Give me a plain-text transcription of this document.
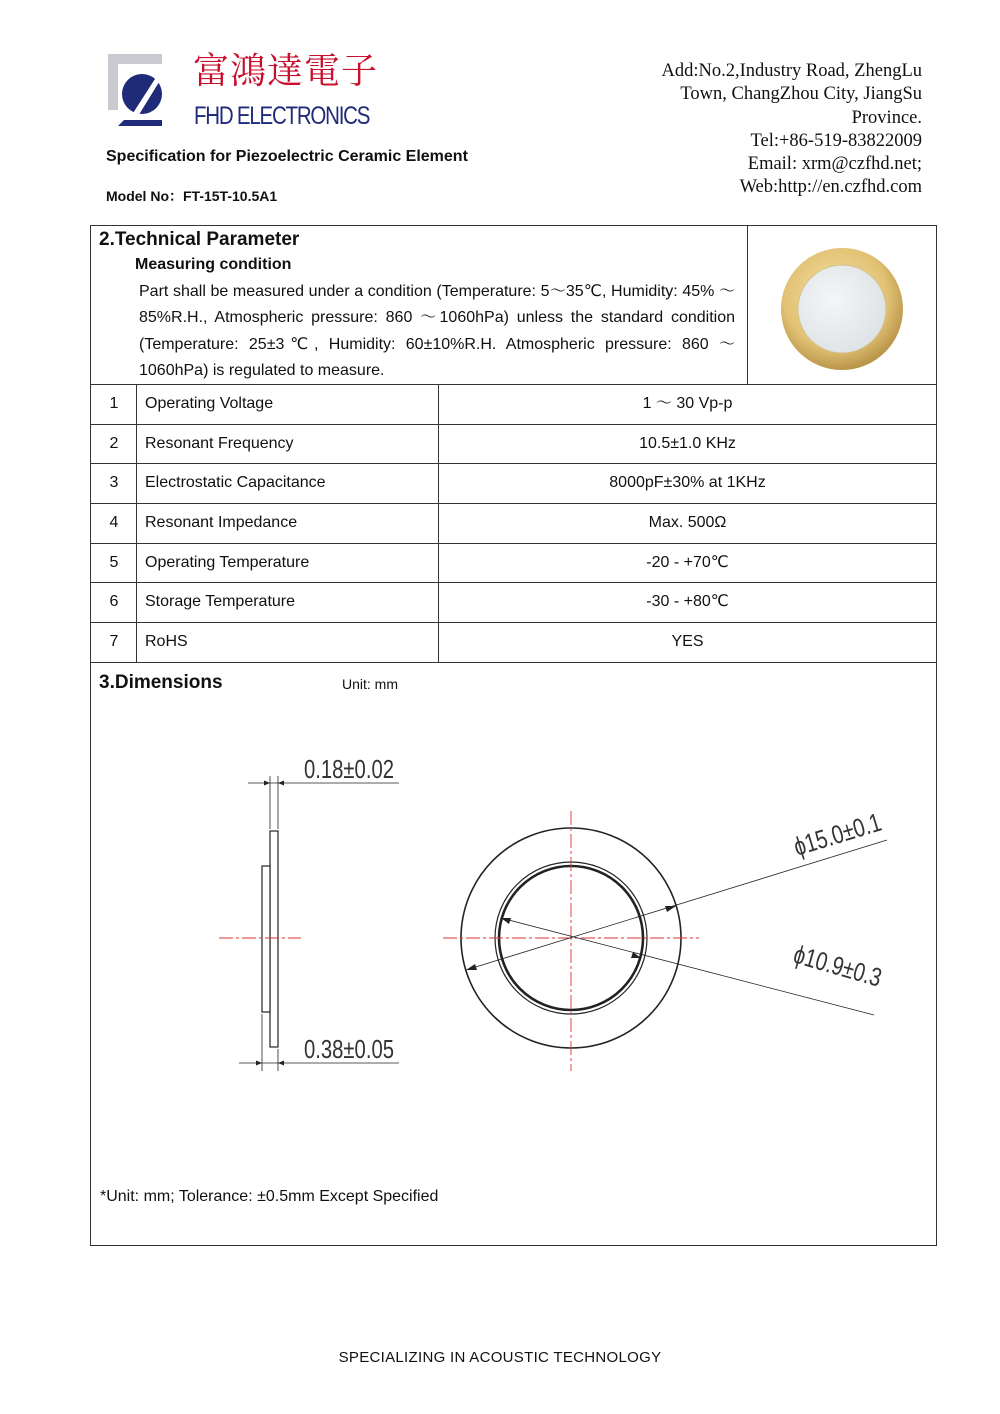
富鴻達電子
FHD ELECTRONICS
Specification for Piezoelectric Ceramic Element
Model No：FT-15T-10.5A1
Add:No.2,Industry Road, ZhengLu
Town, ChangZhou City, JiangSu
Province.
Tel:+86-519-83822009
Email: xrm@czfhd.net;
Web:http://en.czfhd.com
2.Technical Parameter
Measuring condition
Part shall be measured under a condition (Temperature: 5～35℃, Humidity: 45% ～ 85%R.H., Atmospheric pressure: 860 ～1060hPa) unless the standard condition (Temperature: 25±3℃, Humidity: 60±10%R.H. Atmospheric pressure: 860 ～1060hPa) is regulated to measure.
1	Operating Voltage	1 ～ 30 Vp-p
2	Resonant Frequency	10.5±1.0 KHz
3	Electrostatic Capacitance	8000pF±30% at 1KHz
4	Resonant Impedance	Max. 500Ω
5	Operating Temperature	-20 - +70℃
6	Storage Temperature	-30 - +80℃
7	RoHS	YES
3.Dimensions	Unit: mm
0.18±0.02
0.38±0.05
ϕ15.0±0.1
ϕ10.9±0.3
*Unit: mm; Tolerance: ±0.5mm Except Specified
SPECIALIZING IN ACOUSTIC TECHNOLOGY
